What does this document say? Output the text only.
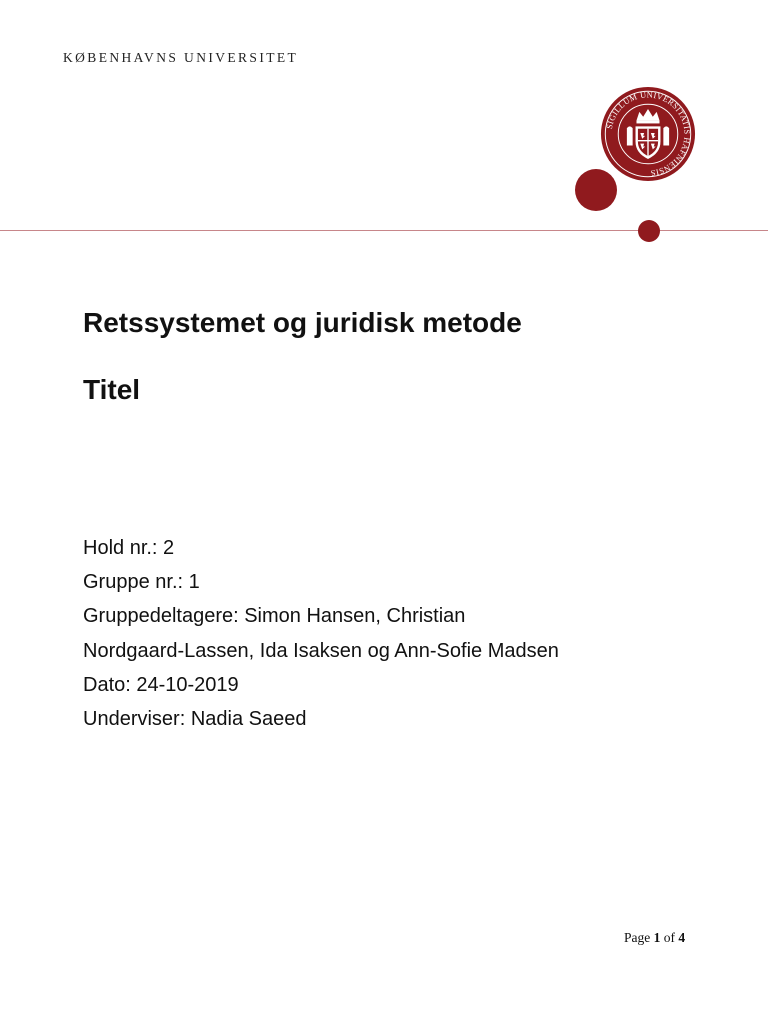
KØBENHAVNS UNIVERSITET
SIGILLUM UNIVERSITATIS HAFNIENSIS
Retssystemet og juridisk metode
Titel
Hold nr.: 2
Gruppe nr.: 1
Gruppedeltagere: Simon Hansen, Christian
Nordgaard-Lassen, Ida Isaksen og Ann-Sofie Madsen
Dato: 24-10-2019
Underviser: Nadia Saeed
Page 1 of 4
